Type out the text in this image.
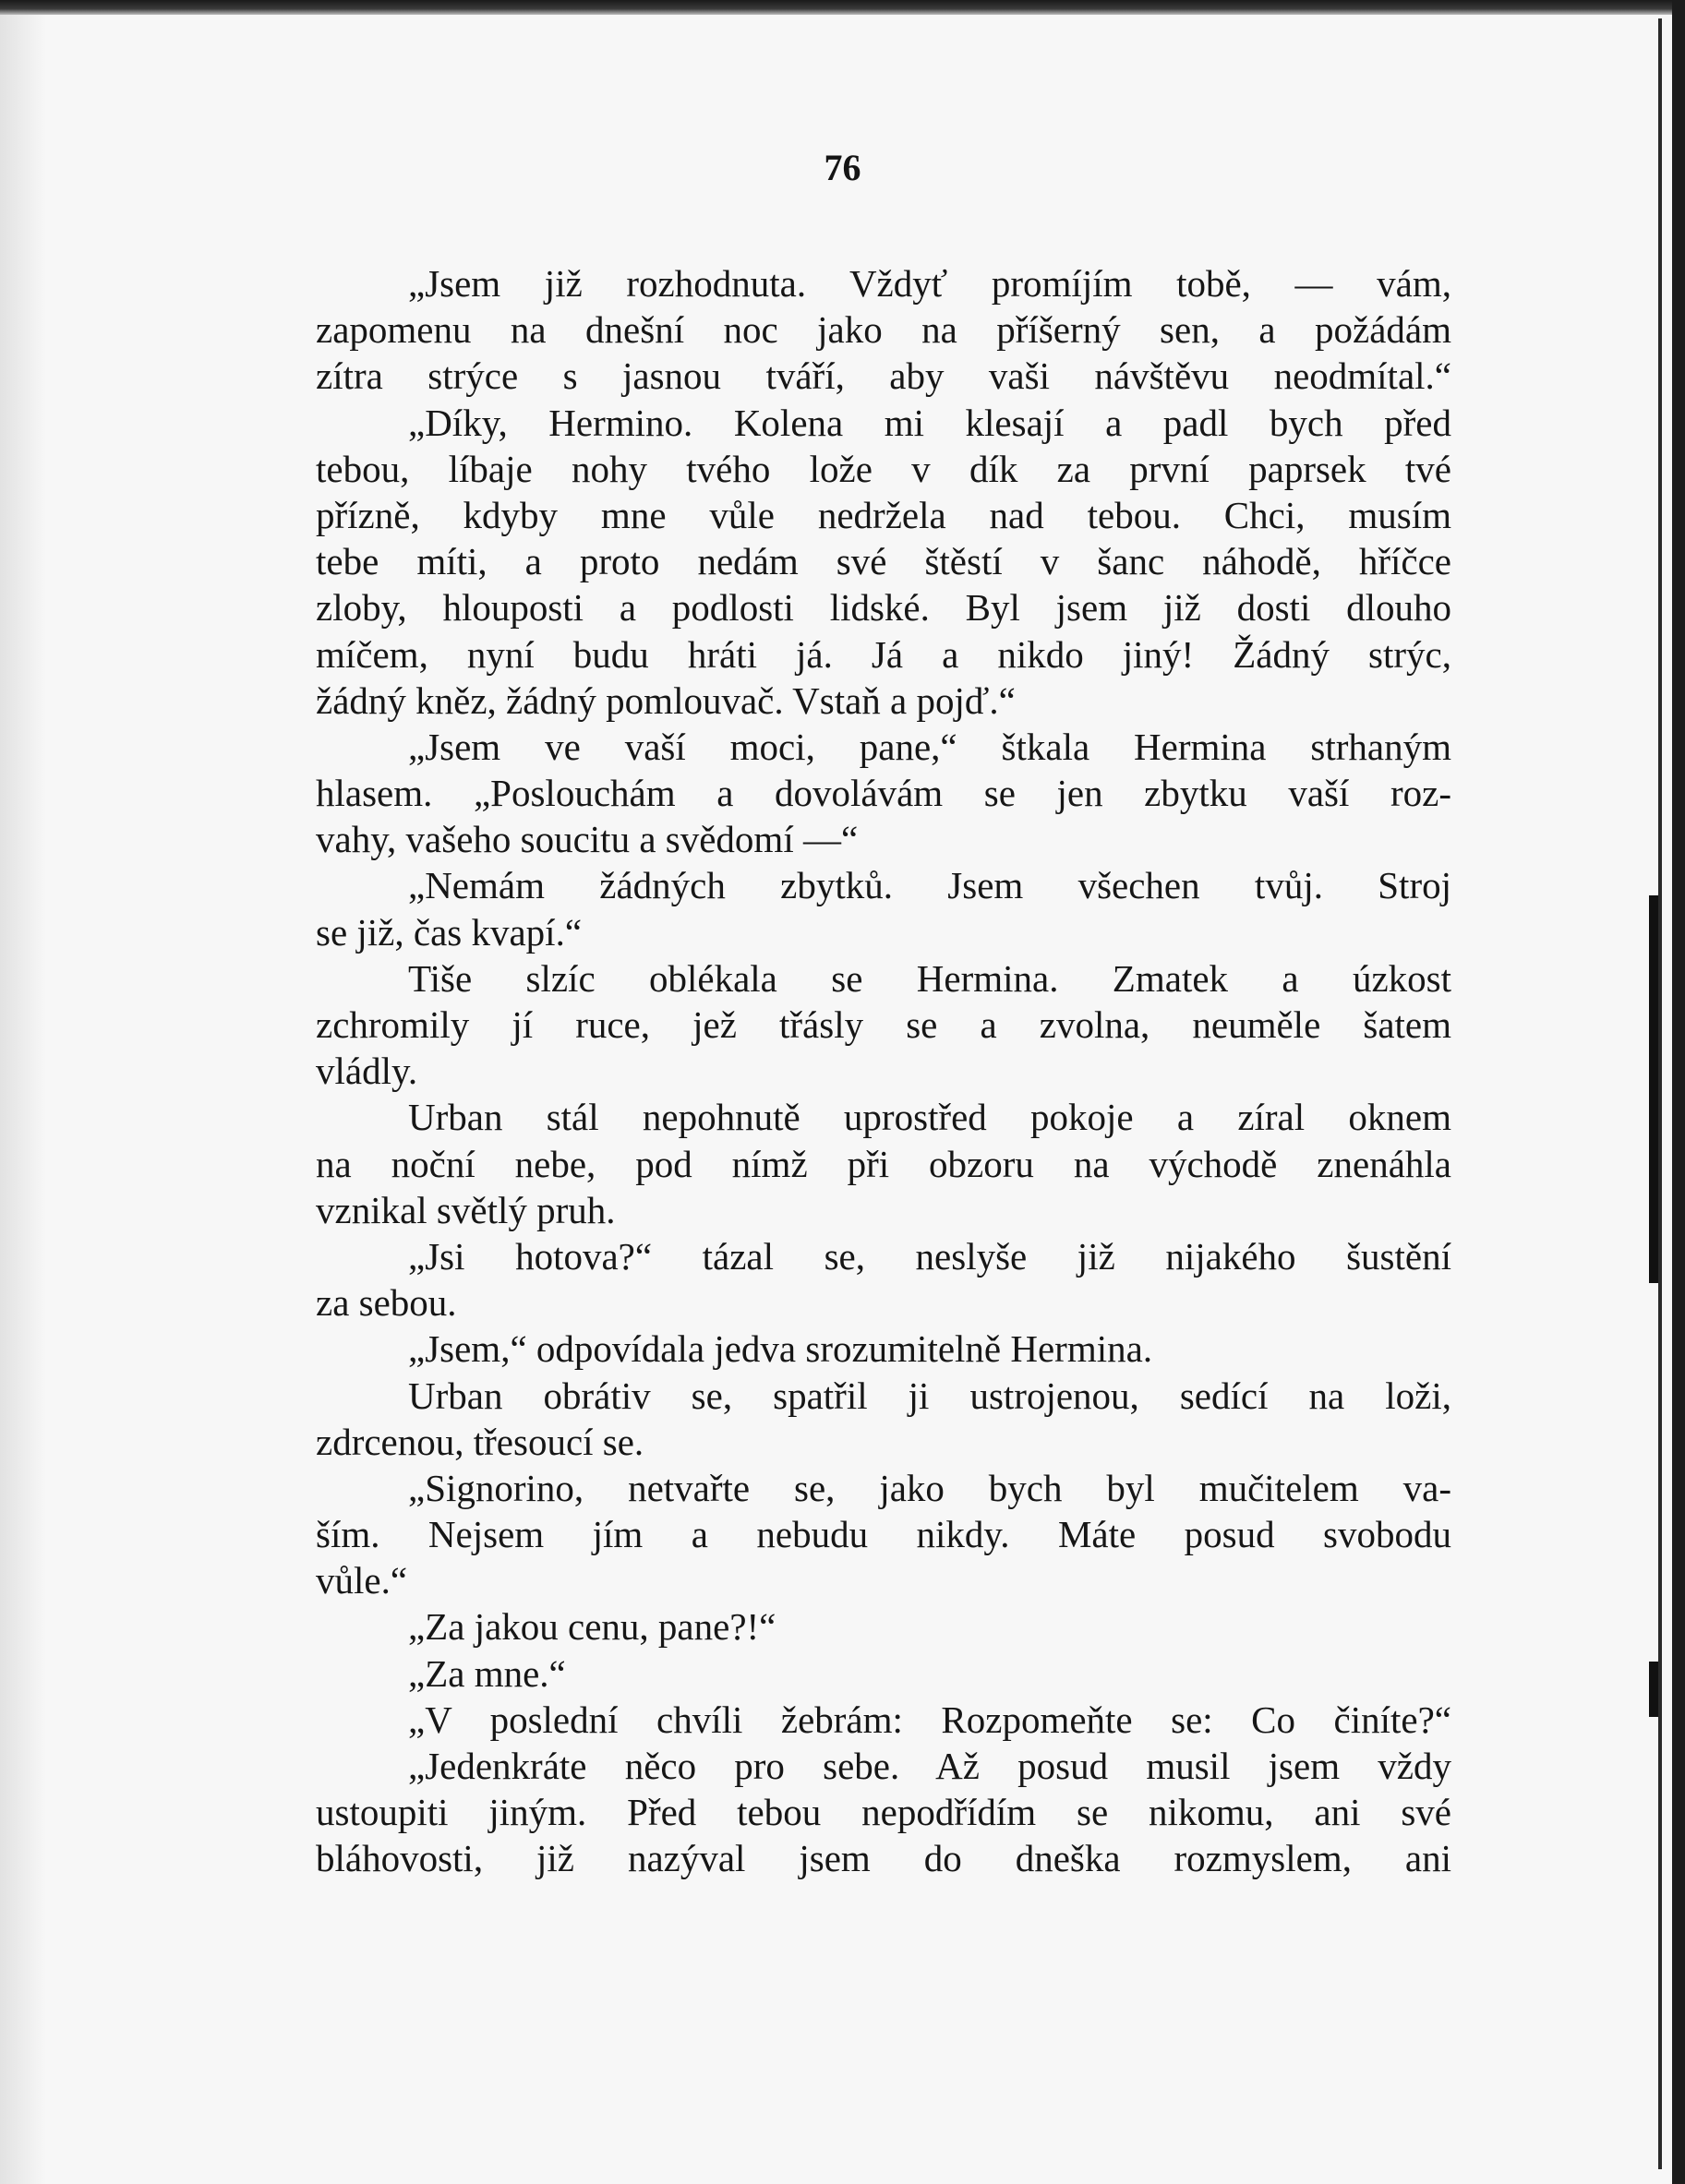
76
„Jsem již rozhodnuta. Vždyť promíjím tobě, — vám,
zapomenu na dnešní noc jako na příšerný sen, a požádám
zítra strýce s jasnou tváří, aby vaši návštěvu neodmítal.“
„Díky, Hermino. Kolena mi klesají a padl bych před
tebou, líbaje nohy tvého lože v dík za první paprsek tvé
přízně, kdyby mne vůle nedržela nad tebou. Chci, musím
tebe míti, a proto nedám své štěstí v šanc náhodě, hříčce
zloby, hlouposti a podlosti lidské. Byl jsem již dosti dlouho
míčem, nyní budu hráti já. Já a nikdo jiný! Žádný strýc,
žádný kněz, žádný pomlouvač. Vstaň a pojď.“
„Jsem ve vaší moci, pane,“ štkala Hermina strhaným
hlasem. „Poslouchám a dovolávám se jen zbytku vaší roz-
vahy, vašeho soucitu a svědomí —“
„Nemám žádných zbytků. Jsem všechen tvůj. Stroj
se již, čas kvapí.“
Tiše slzíc oblékala se Hermina. Zmatek a úzkost
zchromily jí ruce, jež třásly se a zvolna, neuměle šatem
vládly.
Urban stál nepohnutě uprostřed pokoje a zíral oknem
na noční nebe, pod nímž při obzoru na východě znenáhla
vznikal světlý pruh.
„Jsi hotova?“ tázal se, neslyše již nijakého šustění
za sebou.
„Jsem,“ odpovídala jedva srozumitelně Hermina.
Urban obrátiv se, spatřil ji ustrojenou, sedící na loži,
zdrcenou, třesoucí se.
„Signorino, netvařte se, jako bych byl mučitelem va-
ším. Nejsem jím a nebudu nikdy. Máte posud svobodu
vůle.“
„Za jakou cenu, pane?!“
„Za mne.“
„V poslední chvíli žebrám: Rozpomeňte se: Co činíte?“
„Jedenkráte něco pro sebe. Až posud musil jsem vždy
ustoupiti jiným. Před tebou nepodřídím se nikomu, ani své
bláhovosti, již nazýval jsem do dneška rozmyslem, ani
